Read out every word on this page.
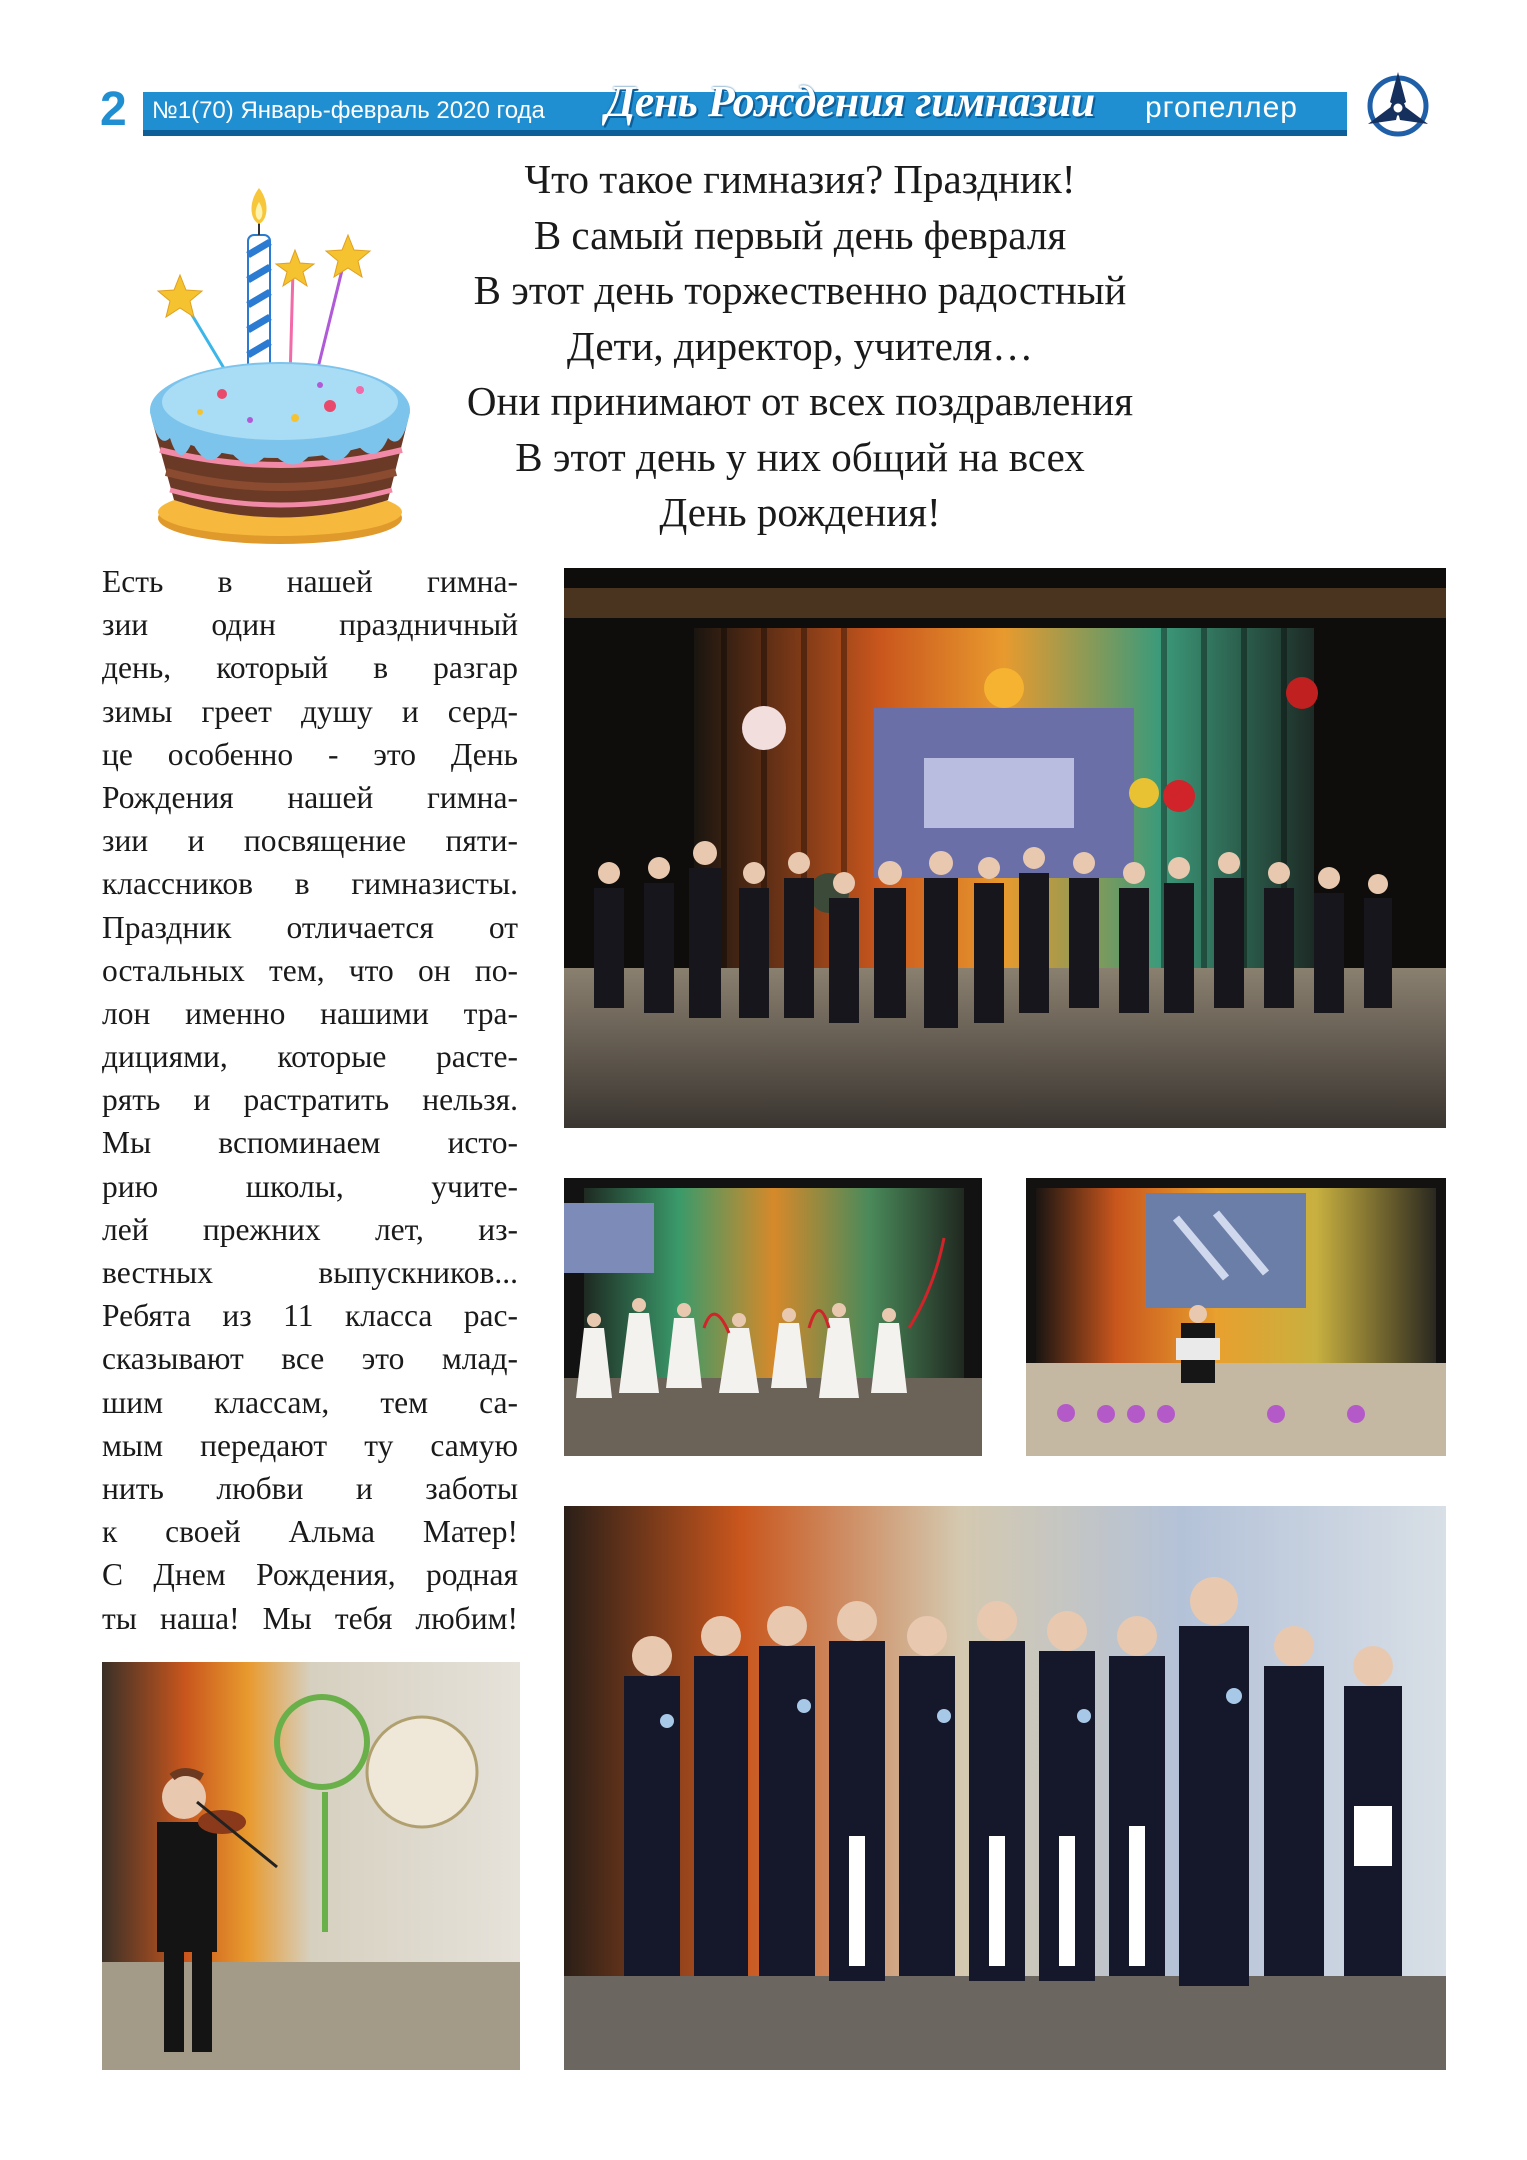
2 №1(70) Январь-февраль 2020 года День Рождения гимназии ргопеллер
Что такое гимназия? Праздник!
В самый первый день февраля
В этот день торжественно радостный
Дети, директор, учителя…
Они принимают от всех поздравления
В этот день у них общий на всех
День рождения!
Есть в нашей гимна-
зии один праздничный
день, который в разгар
зимы греет душу и серд-
це особенно - это День
Рождения нашей гимна-
зии и посвящение пяти-
классников в гимназисты.
Праздник отличается от
остальных тем, что он по-
лон именно нашими тра-
дициями, которые расте-
рять и растратить нельзя.
Мы вспоминаем исто-
рию школы, учите-
лей прежних лет, из-
вестных выпускников...
Ребята из 11 класса рас-
сказывают все это млад-
шим классам, тем са-
мым передают ту самую
нить любви и заботы
к своей Альма Матер!
С Днем Рождения, родная
ты наша! Мы тебя любим!
